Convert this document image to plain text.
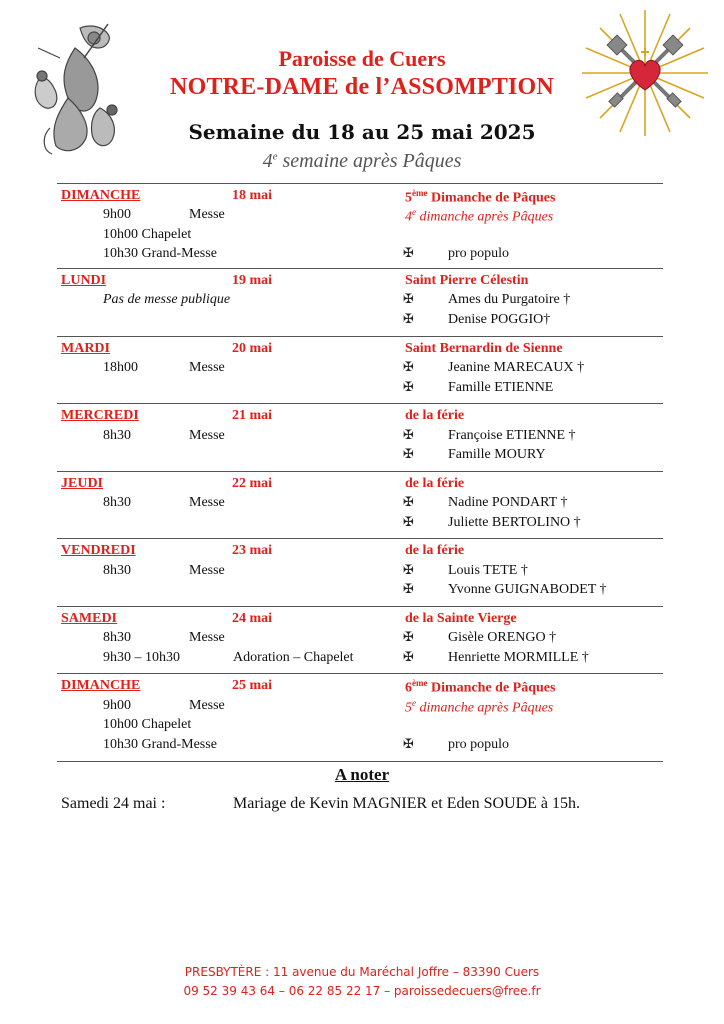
Paroisse de Cuers
NOTRE-DAME de l’ASSOMPTION
Semaine du 18 au 25 mai 2025
4e semaine après Pâques
DIMANCHE	18 mai	5ème Dimanche de Pâques
4e dimanche après Pâques
9h00	Messe
10h00 Chapelet
10h30 Grand-Messe	✠ pro populo
LUNDI	19 mai	Saint Pierre Célestin
Pas de messe publique	✠ Ames du Purgatoire †
✠ Denise POGGIO†
MARDI	20 mai	Saint Bernardin de Sienne
18h00	Messe	✠ Jeanine MARECAUX †
✠ Famille ETIENNE
MERCREDI	21 mai	de la férie
8h30	Messe	✠ Françoise ETIENNE †
✠ Famille MOURY
JEUDI	22 mai	de la férie
8h30	Messe	✠ Nadine PONDART †
✠ Juliette BERTOLINO †
VENDREDI	23 mai	de la férie
8h30	Messe	✠ Louis TETE †
✠ Yvonne GUIGNABODET †
SAMEDI	24 mai	de la Sainte Vierge
8h30	Messe	✠ Gisèle ORENGO †
9h30 – 10h30	Adoration – Chapelet	✠ Henriette MORMILLE †
DIMANCHE	25 mai	6ème Dimanche de Pâques
5e dimanche après Pâques
9h00	Messe
10h00 Chapelet
10h30 Grand-Messe	✠ pro populo
A noter
Samedi 24 mai :	Mariage de Kevin MAGNIER et Eden SOUDE à 15h.
PRESBYTÈRE : 11 avenue du Maréchal Joffre – 83390 Cuers
09 52 39 43 64 – 06 22 85 22 17 – paroissedecuers@free.fr
